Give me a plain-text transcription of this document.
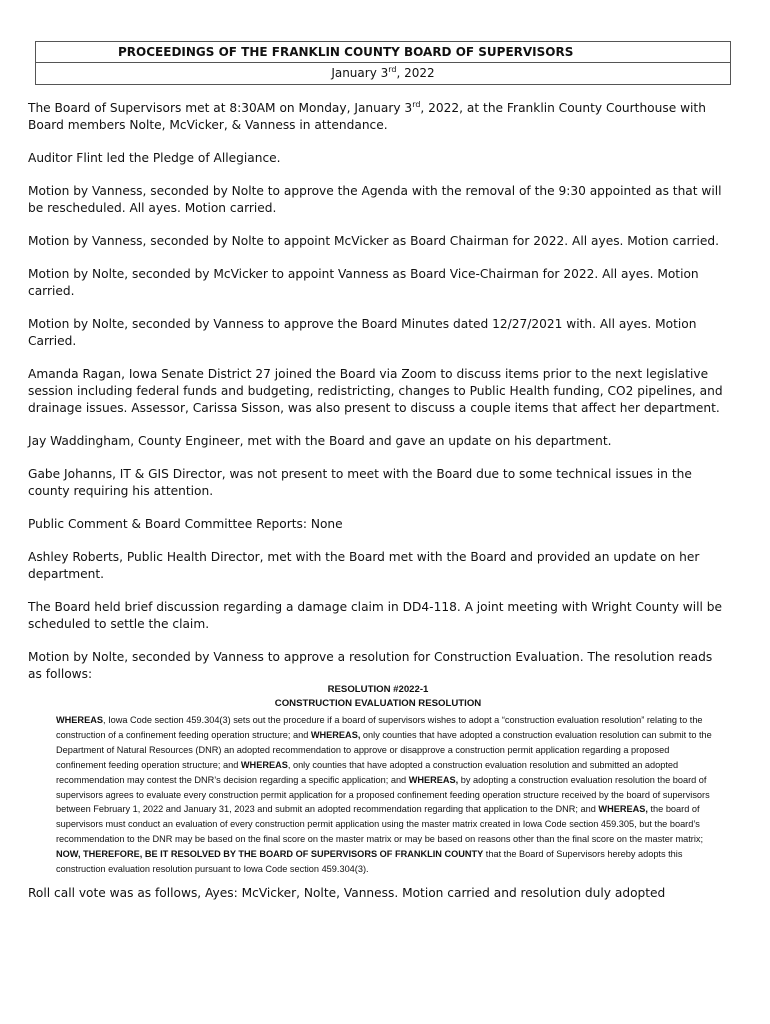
PROCEEDINGS OF THE FRANKLIN COUNTY BOARD OF SUPERVISORS
January 3rd, 2022

The Board of Supervisors met at 8:30AM on Monday, January 3rd, 2022, at the Franklin County Courthouse with Board members Nolte, McVicker, & Vanness in attendance.

Auditor Flint led the Pledge of Allegiance.

Motion by Vanness, seconded by Nolte to approve the Agenda with the removal of the 9:30 appointed as that will be rescheduled. All ayes. Motion carried.

Motion by Vanness, seconded by Nolte to appoint McVicker as Board Chairman for 2022. All ayes. Motion carried.

Motion by Nolte, seconded by McVicker to appoint Vanness as Board Vice-Chairman for 2022. All ayes. Motion carried.

Motion by Nolte, seconded by Vanness to approve the Board Minutes dated 12/27/2021 with. All ayes. Motion Carried.

Amanda Ragan, Iowa Senate District 27 joined the Board via Zoom to discuss items prior to the next legislative session including federal funds and budgeting, redistricting, changes to Public Health funding, CO2 pipelines, and drainage issues. Assessor, Carissa Sisson, was also present to discuss a couple items that affect her department.

Jay Waddingham, County Engineer, met with the Board and gave an update on his department.

Gabe Johanns, IT & GIS Director, was not present to meet with the Board due to some technical issues in the county requiring his attention.

Public Comment & Board Committee Reports: None

Ashley Roberts, Public Health Director, met with the Board met with the Board and provided an update on her department.

The Board held brief discussion regarding a damage claim in DD4-118. A joint meeting with Wright County will be scheduled to settle the claim.

Motion by Nolte, seconded by Vanness to approve a resolution for Construction Evaluation. The resolution reads as follows:

RESOLUTION #2022-1

CONSTRUCTION EVALUATION RESOLUTION

WHEREAS, Iowa Code section 459.304(3) sets out the procedure if a board of supervisors wishes to adopt a “construction evaluation resolution” relating to the construction of a confinement feeding operation structure; and WHEREAS, only counties that have adopted a construction evaluation resolution can submit to the Department of Natural Resources (DNR) an adopted recommendation to approve or disapprove a construction permit application regarding a proposed confinement feeding operation structure; and WHEREAS, only counties that have adopted a construction evaluation resolution and submitted an adopted recommendation may contest the DNR’s decision regarding a specific application; and WHEREAS, by adopting a construction evaluation resolution the board of supervisors agrees to evaluate every construction permit application for a proposed confinement feeding operation structure received by the board of supervisors between February 1, 2022 and January 31, 2023 and submit an adopted recommendation regarding that application to the DNR; and WHEREAS, the board of supervisors must conduct an evaluation of every construction permit application using the master matrix created in Iowa Code section 459.305, but the board’s recommendation to the DNR may be based on the final score on the master matrix or may be based on reasons other than the final score on the master matrix; NOW, THEREFORE, BE IT RESOLVED BY THE BOARD OF SUPERVISORS OF FRANKLIN COUNTY that the Board of Supervisors hereby adopts this construction evaluation resolution pursuant to Iowa Code section 459.304(3).

Roll call vote was as follows, Ayes: McVicker, Nolte, Vanness. Motion carried and resolution duly adopted
